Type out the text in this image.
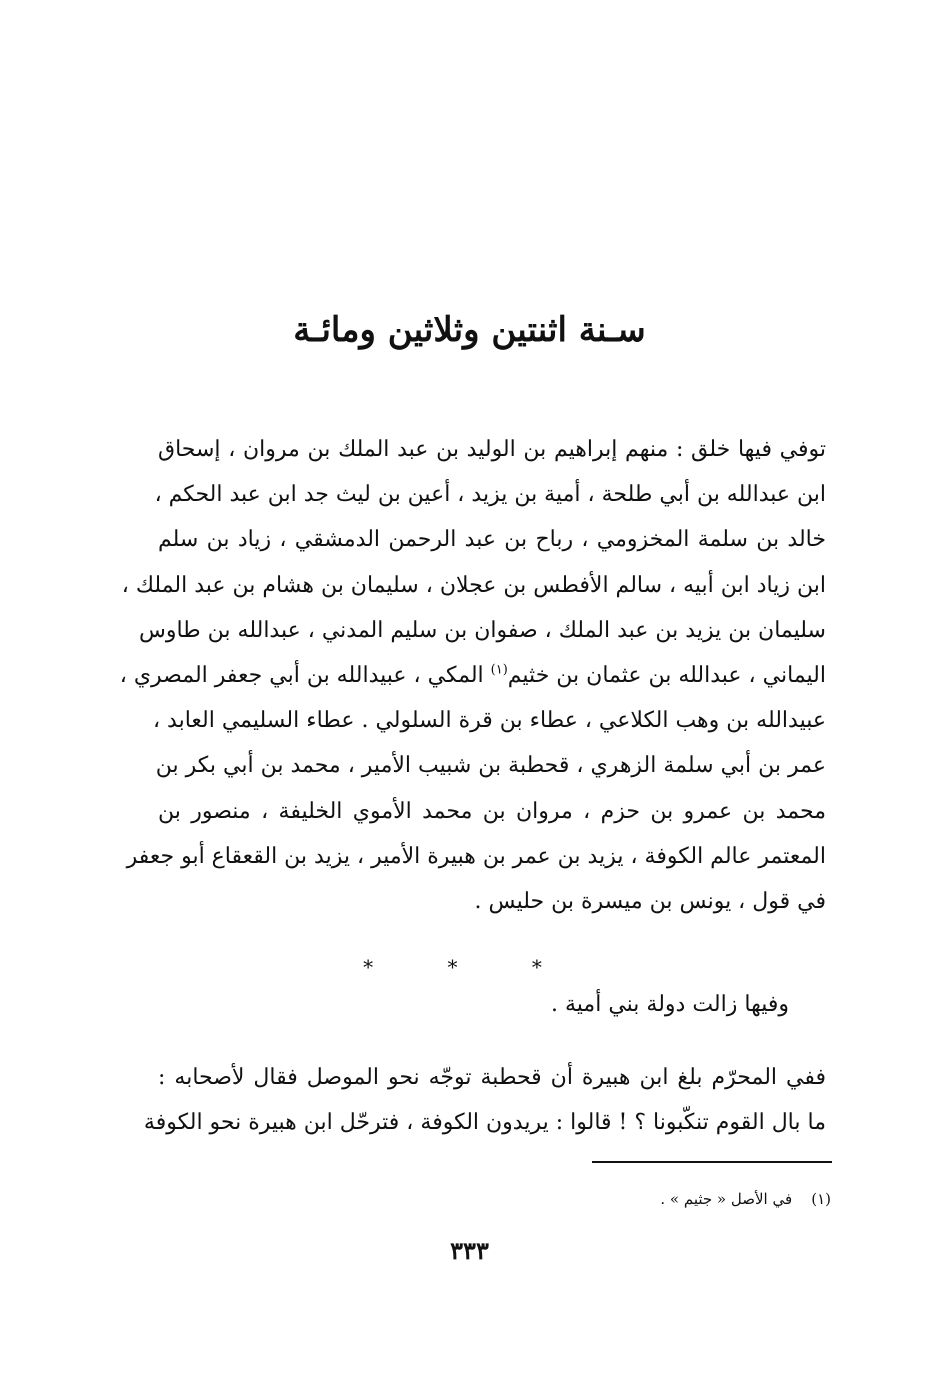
سـنة اثنتين وثلاثين ومائـة
توفي فيها خلق : منهم إبراهيم بن الوليد بن عبد الملك بن مروان ، إسحاق
ابن عبدالله بن أبي طلحة ، أمية بن يزيد ، أعين بن ليث جد ابن عبد الحكم ،
خالد بن سلمة المخزومي ، رباح بن عبد الرحمن الدمشقي ، زياد بن سلم
ابن زياد ابن أبيه ، سالم الأفطس بن عجلان ، سليمان بن هشام بن عبد الملك ،
سليمان بن يزيد بن عبد الملك ، صفوان بن سليم المدني ، عبدالله بن طاوس
اليماني ، عبدالله بن عثمان بن خثيم$^{(١)}$ المكي ، عبيدالله بن أبي جعفر المصري ،
عبيدالله بن وهب الكلاعي ، عطاء بن قرة السلولي . عطاء السليمي العابد ،
عمر بن أبي سلمة الزهري ، قحطبة بن شبيب الأمير ، محمد بن أبي بكر بن
محمد بن عمرو بن حزم ، مروان بن محمد الأموي الخليفة ، منصور بن
المعتمر عالم الكوفة ، يزيد بن عمر بن هبيرة الأمير ، يزيد بن القعقاع أبو جعفر
في قول ، يونس بن ميسرة بن حليس .
* * *
وفيها زالت دولة بني أمية .
ففي المحرّم بلغ ابن هبيرة أن قحطبة توجّه نحو الموصل فقال لأصحابه :
ما بال القوم تنكّبونا ؟ ! قالوا : يريدون الكوفة ، فترحّل ابن هبيرة نحو الكوفة
(١)    في الأصل « جثيم » .
٣٣٣
